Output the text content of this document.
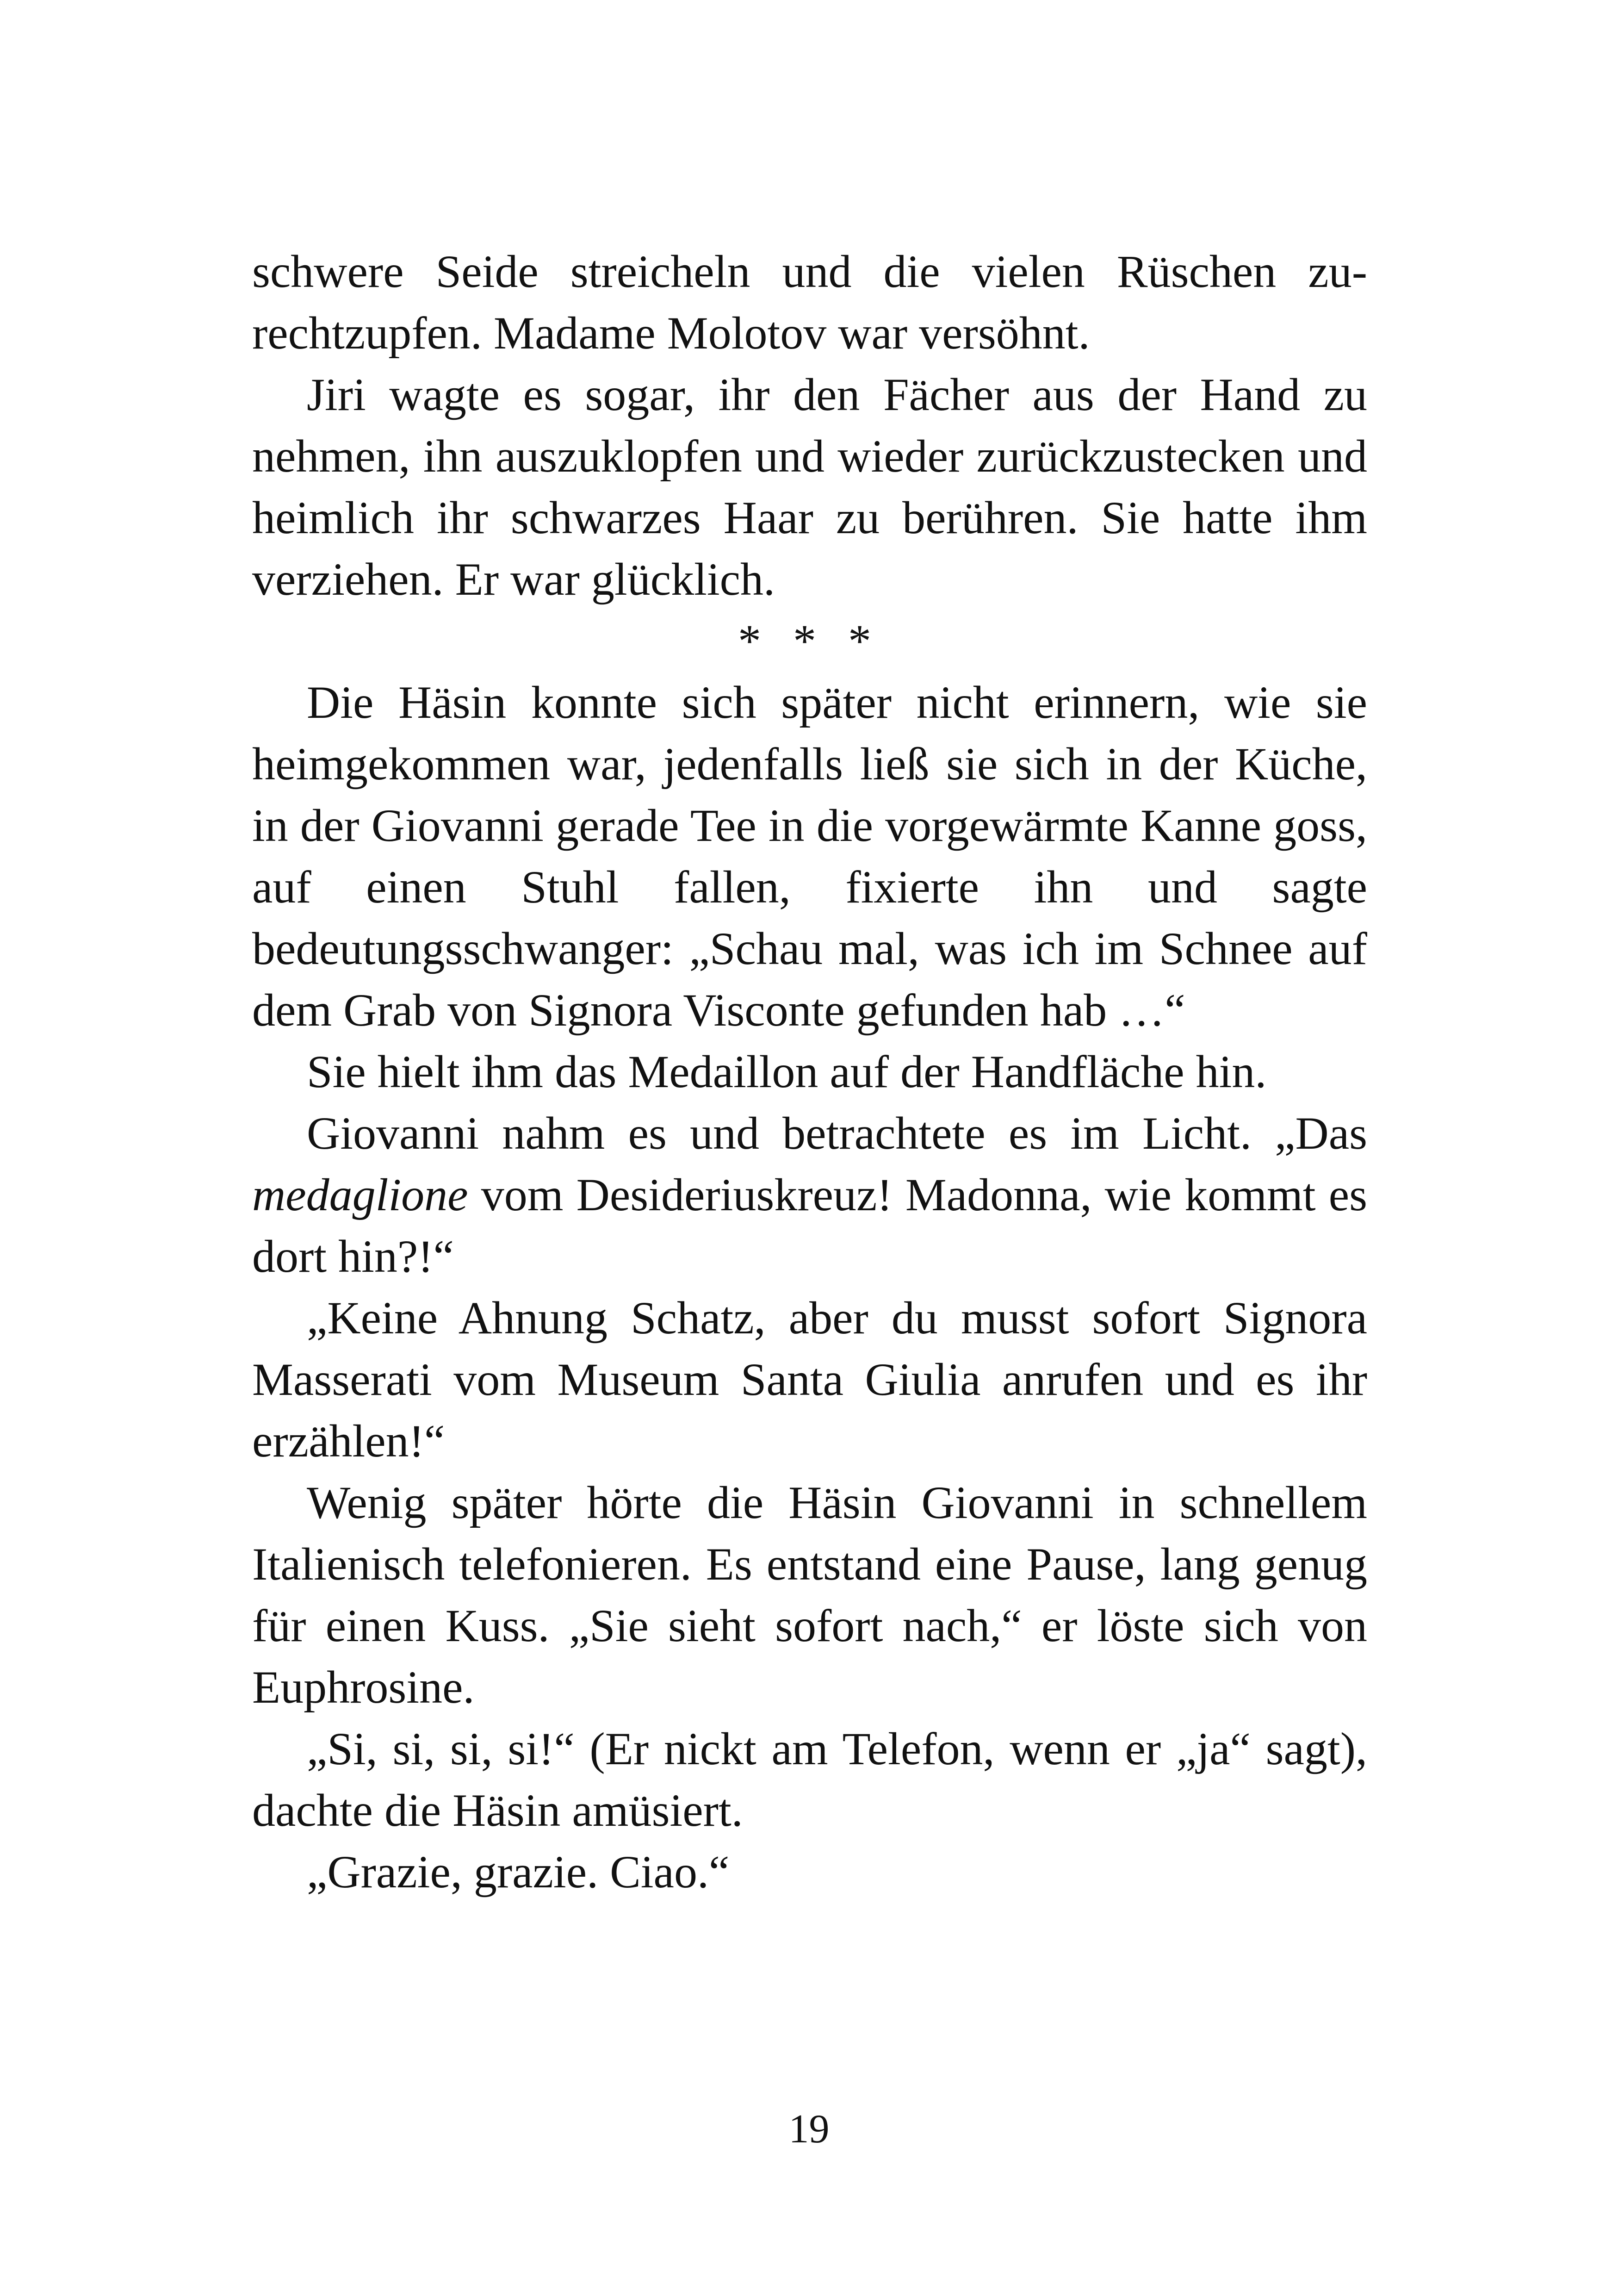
schwere Seide streicheln und die vielen Rüschen zurechtzupfen. Madame Molotov war versöhnt.

Jiri wagte es sogar, ihr den Fächer aus der Hand zu nehmen, ihn auszuklopfen und wieder zurückzustecken und heimlich ihr schwarzes Haar zu berühren. Sie hatte ihm verziehen. Er war glücklich.

* * *

Die Häsin konnte sich später nicht erinnern, wie sie heimgekommen war, jedenfalls ließ sie sich in der Küche, in der Giovanni gerade Tee in die vorgewärmte Kanne goss, auf einen Stuhl fallen, fixierte ihn und sagte bedeutungsschwanger: „Schau mal, was ich im Schnee auf dem Grab von Signora Visconte gefunden hab …“

Sie hielt ihm das Medaillon auf der Handfläche hin.

Giovanni nahm es und betrachtete es im Licht. „Das medaglione vom Desideriuskreuz! Madonna, wie kommt es dort hin?!“

„Keine Ahnung Schatz, aber du musst sofort Signora Masserati vom Museum Santa Giulia anrufen und es ihr erzählen!“

Wenig später hörte die Häsin Giovanni in schnellem Italienisch telefonieren. Es entstand eine Pause, lang genug für einen Kuss. „Sie sieht sofort nach,“ er löste sich von Euphrosine.

„Si, si, si, si!“ (Er nickt am Telefon, wenn er „ja“ sagt), dachte die Häsin amüsiert.

„Grazie, grazie. Ciao.“

19
